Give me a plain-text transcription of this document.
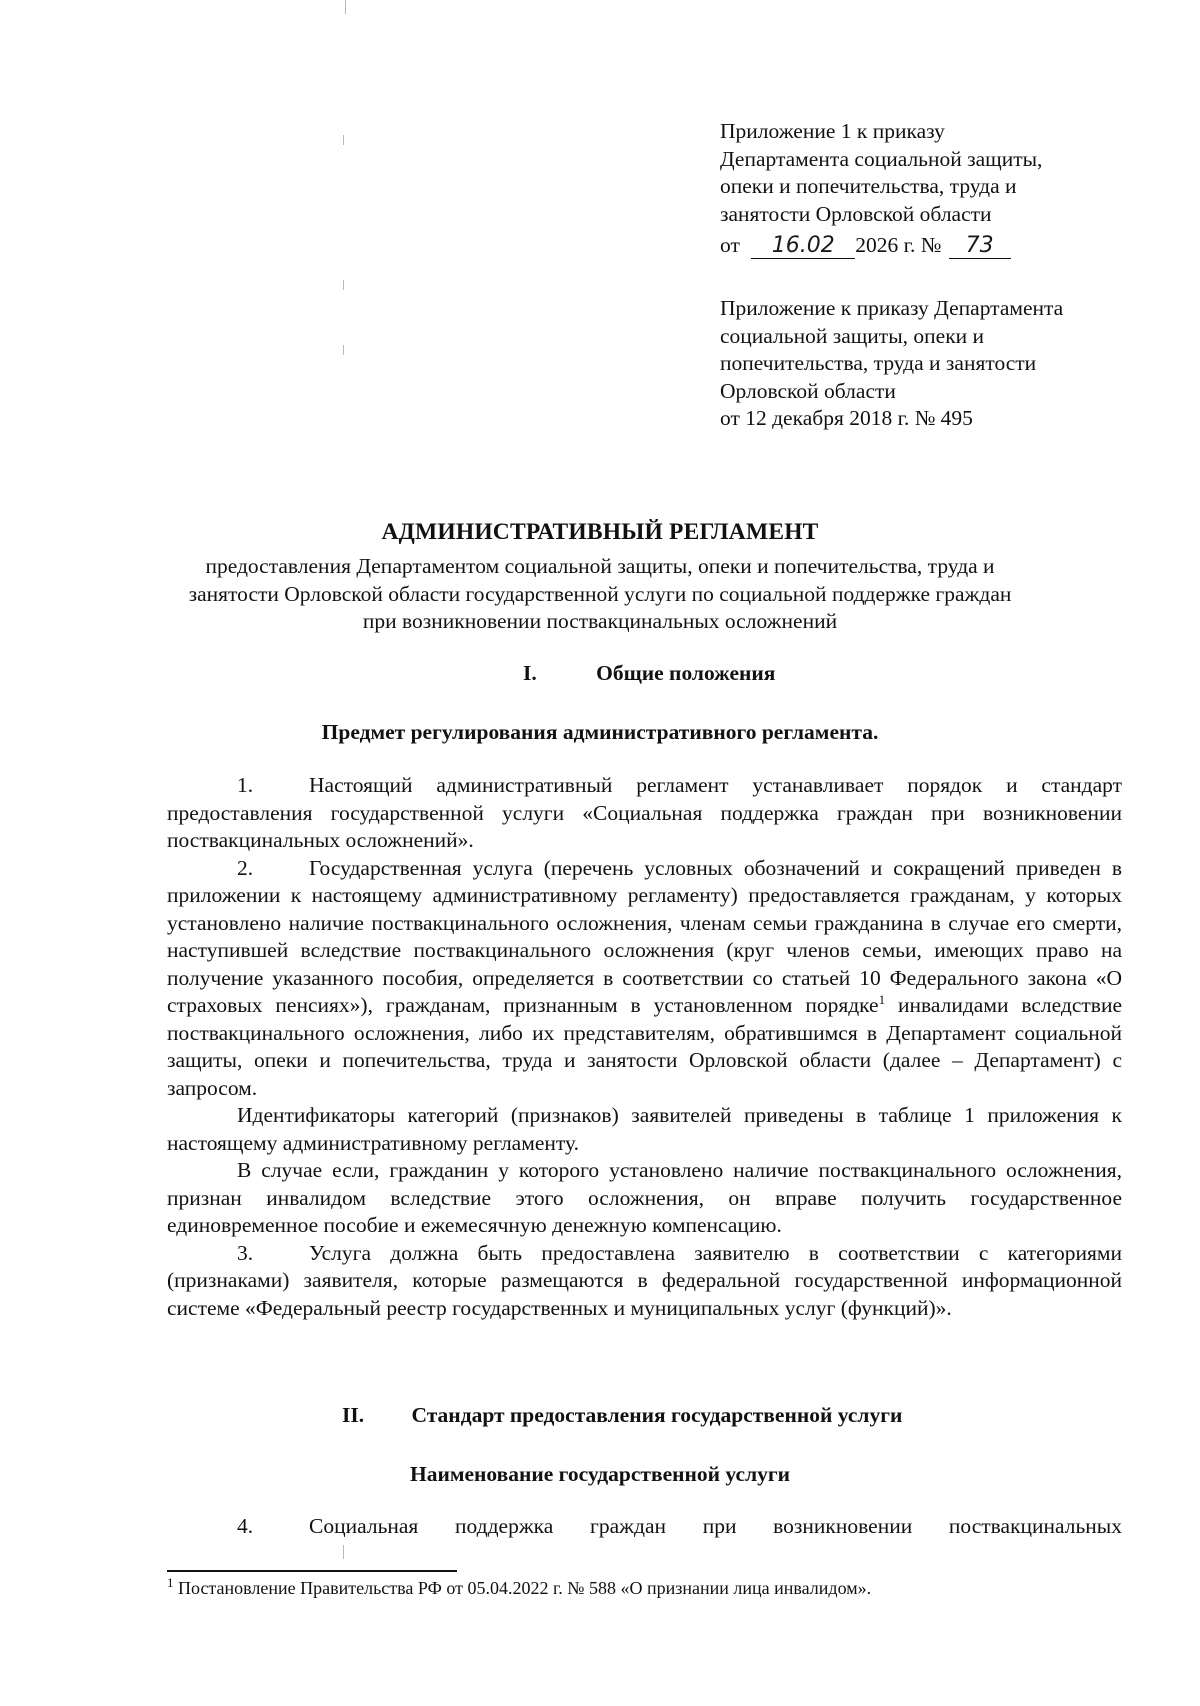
Приложение 1 к приказу
Департамента социальной защиты,
опеки и попечительства, труда и
занятости Орловской области
от 16.02 2026 г. № 73
Приложение к приказу Департамента
социальной защиты, опеки и
попечительства, труда и занятости
Орловской области
от 12 декабря 2018 г. № 495
АДМИНИСТРАТИВНЫЙ РЕГЛАМЕНТ
предоставления Департаментом социальной защиты, опеки и попечительства, труда и
занятости Орловской области государственной услуги по социальной поддержке граждан
при возникновении поствакцинальных осложнений
I.	Общие положения
Предмет регулирования административного регламента.

1.	Настоящий административный регламент устанавливает порядок и стандарт предоставления государственной услуги «Социальная поддержка граждан при возникновении поствакцинальных осложнений».

2.	Государственная услуга (перечень условных обозначений и сокращений приведен в приложении к настоящему административному регламенту) предоставляется гражданам, у которых установлено наличие поствакцинального осложнения, членам семьи гражданина в случае его смерти, наступившей вследствие поствакцинального осложнения (круг членов семьи, имеющих право на получение указанного пособия, определяется в соответствии со статьей 10 Федерального закона «О страховых пенсиях»), гражданам, признанным в установленном порядке$^1$ инвалидами вследствие поствакцинального осложнения, либо их представителям, обратившимся в Департамент социальной защиты, опеки и попечительства, труда и занятости Орловской области (далее – Департамент) с запросом.

Идентификаторы категорий (признаков) заявителей приведены в таблице 1 приложения к настоящему административному регламенту.

В случае если, гражданин у которого установлено наличие поствакцинального осложнения, признан инвалидом вследствие этого осложнения, он вправе получить государственное единовременное пособие и ежемесячную денежную компенсацию.

3.	Услуга должна быть предоставлена заявителю в соответствии с категориями (признаками) заявителя, которые размещаются в федеральной государственной информационной системе «Федеральный реестр государственных и муниципальных услуг (функций)».

II. Стандарт предоставления государственной услуги
Наименование государственной услуги

4.	Социальная поддержка граждан при возникновении поствакцинальных

$^1$ Постановление Правительства РФ от 05.04.2022 г. № 588 «О признании лица инвалидом».
